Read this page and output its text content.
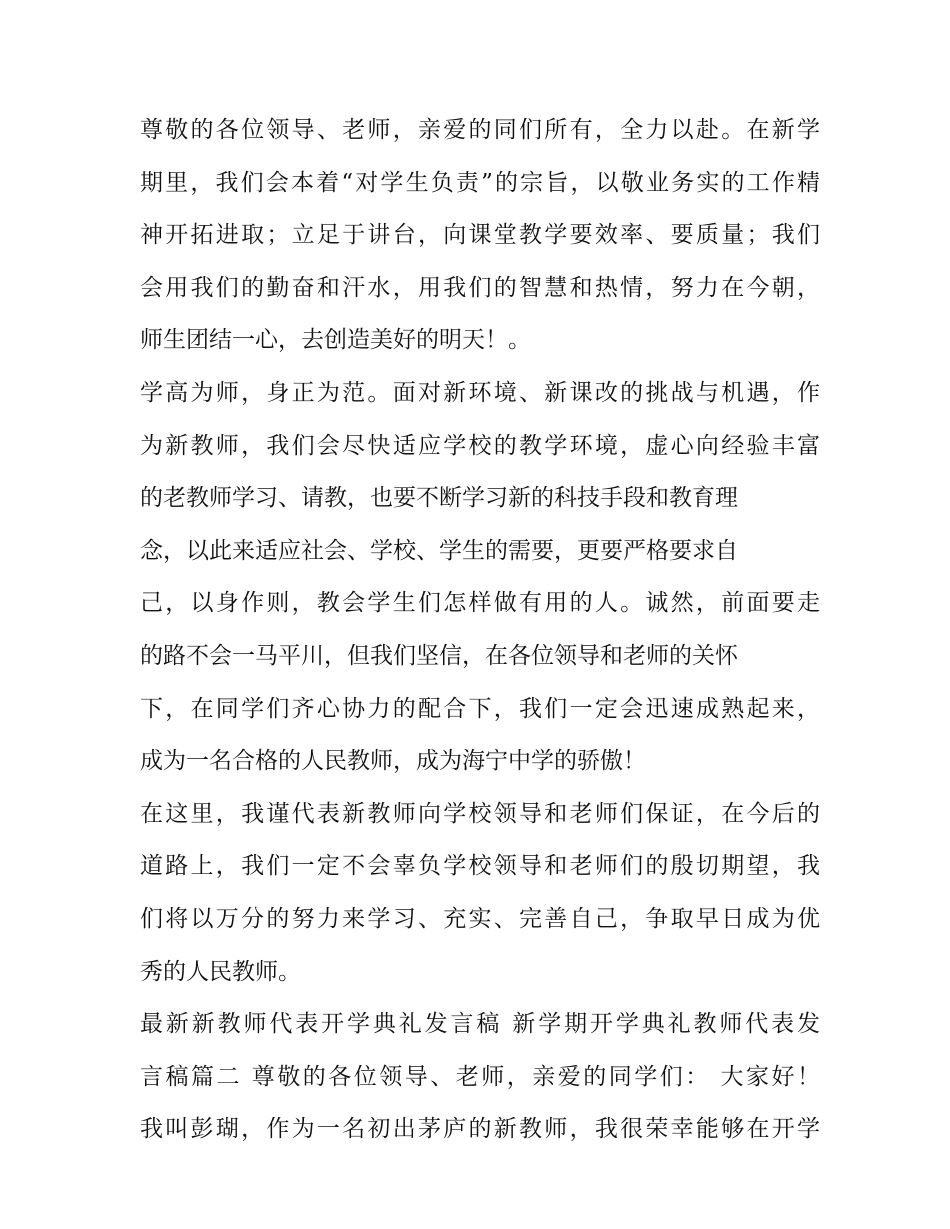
尊敬的各位领导、老师，亲爱的同们所有，全力以赴。在新学
期里，我们会本着“对学生负责”的宗旨，以敬业务实的工作精
神开拓进取；立足于讲台，向课堂教学要效率、要质量；我们
会用我们的勤奋和汗水，用我们的智慧和热情，努力在今朝，
师生团结一心，去创造美好的明天！。
学高为师，身正为范。面对新环境、新课改的挑战与机遇，作
为新教师，我们会尽快适应学校的教学环境，虚心向经验丰富
的老教师学习、请教，也要不断学习新的科技手段和教育理
念，以此来适应社会、学校、学生的需要，更要严格要求自
己，以身作则，教会学生们怎样做有用的人。诚然，前面要走
的路不会一马平川，但我们坚信，在各位领导和老师的关怀
下，在同学们齐心协力的配合下，我们一定会迅速成熟起来，
成为一名合格的人民教师，成为海宁中学的骄傲！
在这里，我谨代表新教师向学校领导和老师们保证，在今后的
道路上，我们一定不会辜负学校领导和老师们的殷切期望，我
们将以万分的努力来学习、充实、完善自己，争取早日成为优
秀的人民教师。
最新新教师代表开学典礼发言稿 新学期开学典礼教师代表发
言稿篇二 尊敬的各位领导、老师，亲爱的同学们： 大家好！
我叫彭瑚，作为一名初出茅庐的新教师，我很荣幸能够在开学
